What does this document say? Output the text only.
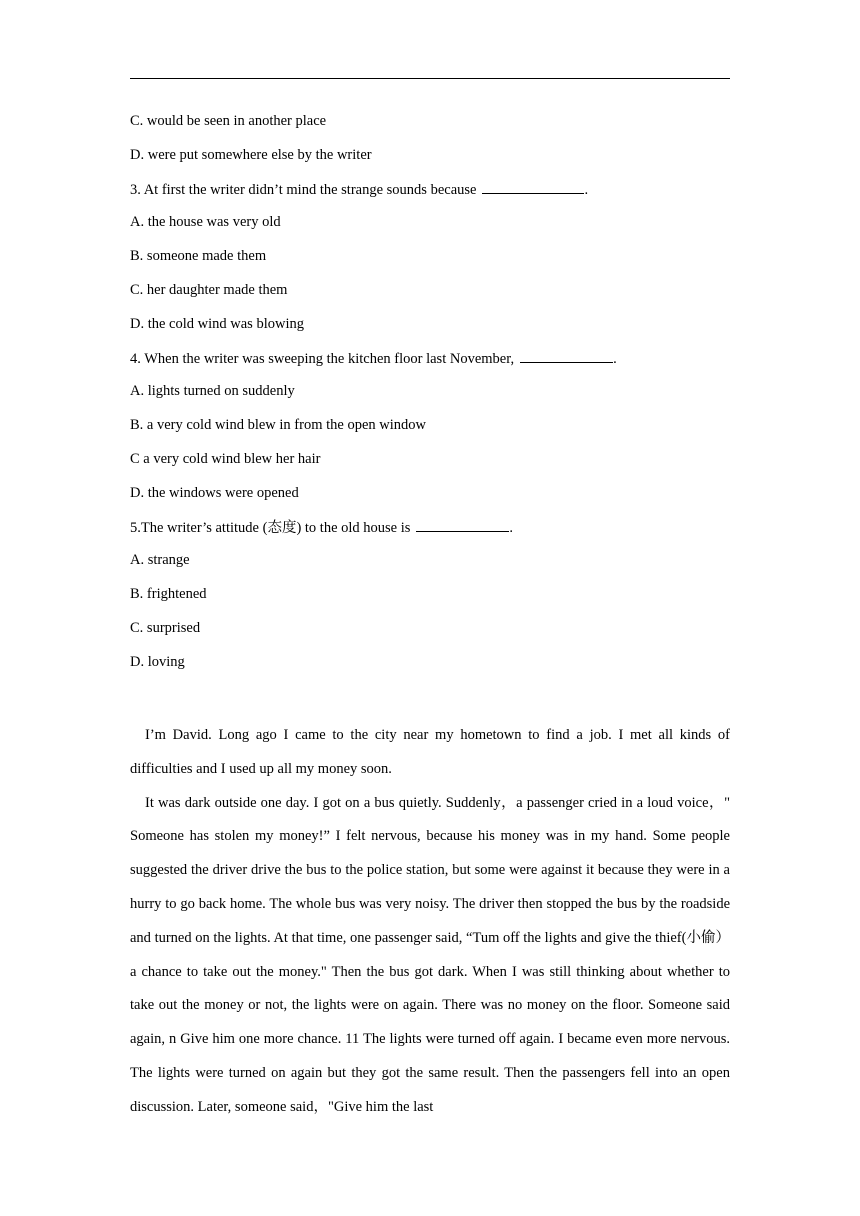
C. would be seen in another place
D. were put somewhere else by the writer
3. At first the writer didn’t mind the strange sounds because	.
A. the house was very old
B. someone made them
C. her daughter made them
D. the cold wind was blowing
4. When the writer was sweeping the kitchen floor last November,	.
A. lights turned on suddenly
B. a very cold wind blew in from the open window
C a very cold wind blew her hair
D. the windows were opened
5.The writer’s attitude (态度) to the old house is	.
A. strange
B. frightened
C. surprised
D. loving

I’m David. Long ago I came to the city near my hometown to find a job. I met all kinds of difficulties and I used up all my money soon.

It was dark outside one day. I got on a bus quietly. Suddenly，a passenger cried in a loud voice，" Someone has stolen my money!” I felt nervous, because his money was in my hand. Some people suggested the driver drive the bus to the police station, but some were against it because they were in a hurry to go back home. The whole bus was very noisy. The driver then stopped the bus by the roadside and turned on the lights. At that time, one passenger said, “Tum off the lights and give the thief(小偷）a chance to take out the money." Then the bus got dark. When I was still thinking about whether to take out the money or not, the lights were on again. There was no money on the floor. Someone said again, n Give him one more chance. 11 The lights were turned off again. I became even more nervous. The lights were turned on again but they got the same result. Then the passengers fell into an open discussion. Later, someone said，"Give him the last
